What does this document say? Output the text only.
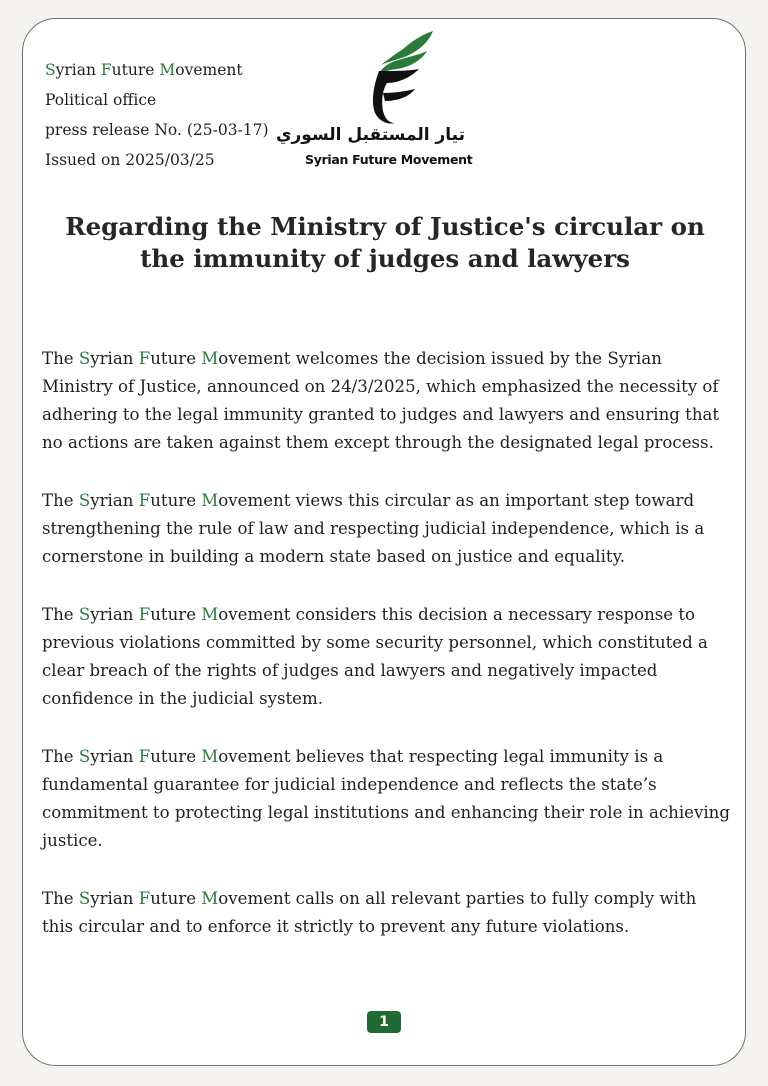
Syrian Future Movement
Political office
press release No. (25-03-17)
Issued on 2025/03/25
تيار المستقبل السوري
Syrian Future Movement
Regarding the Ministry of Justice's circular on
the immunity of judges and lawyers

The Syrian Future Movement welcomes the decision issued by the Syrian Ministry of Justice, announced on 24/3/2025, which emphasized the necessity of adhering to the legal immunity granted to judges and lawyers and ensuring that no actions are taken against them except through the designated legal process.

The Syrian Future Movement views this circular as an important step toward strengthening the rule of law and respecting judicial independence, which is a cornerstone in building a modern state based on justice and equality.

The Syrian Future Movement considers this decision a necessary response to previous violations committed by some security personnel, which constituted a clear breach of the rights of judges and lawyers and negatively impacted confidence in the judicial system.

The Syrian Future Movement believes that respecting legal immunity is a fundamental guarantee for judicial independence and reflects the state’s commitment to protecting legal institutions and enhancing their role in achieving justice.

The Syrian Future Movement calls on all relevant parties to fully comply with this circular and to enforce it strictly to prevent any future violations.

1
